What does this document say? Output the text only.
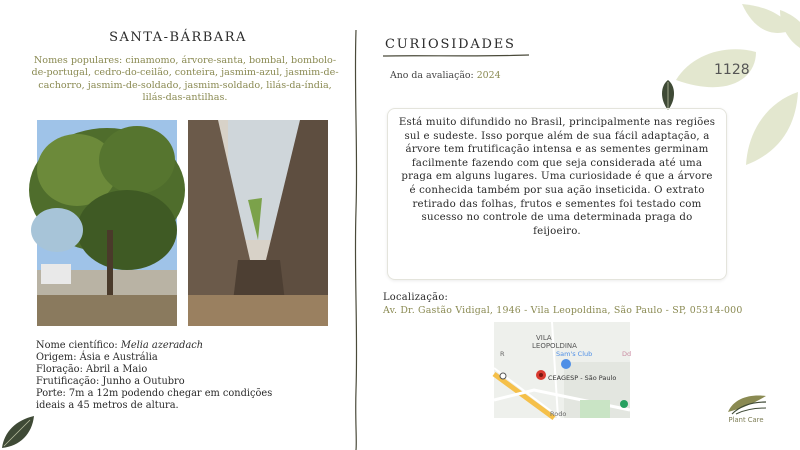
1128
SANTA-BÁRBARA
Nomes populares: cinamomo, árvore-santa, bombal, bombolo-de-portugal, cedro-do-ceilão, conteira, jasmim-azul, jasmim-de-cachorro, jasmim-de-soldado, jasmim-soldado, lilás-da-índia, lilás-das-antilhas.
Nome científico: Melia azeradach
Origem: Ásia e Austrália
Floração: Abril a Maio
Frutificação: Junho a Outubro
Porte: 7m a 12m podendo chegar em condições
ideais a 45 metros de altura.
CURIOSIDADES
Ano da avaliação: 2024
Está muito difundido no Brasil, principalmente nas regiões sul e sudeste. Isso porque além de sua fácil adaptação, a árvore tem frutificação intensa e as sementes germinam facilmente fazendo com que seja considerada até uma praga em alguns lugares. Uma curiosidade é que a árvore é conhecida também por sua ação inseticida. O extrato retirado das folhas, frutos e sementes foi testado com sucesso no controle de uma determinada praga do feijoeiro.
Localização:
Av. Dr. Gastão Vidigal, 1946 - Vila Leopoldina, São Paulo - SP, 05314-000
VILA
LEOPOLDINA
Sam's Club
CEAGESP - São Paulo
Rodo
Dd
R
Plant Care
